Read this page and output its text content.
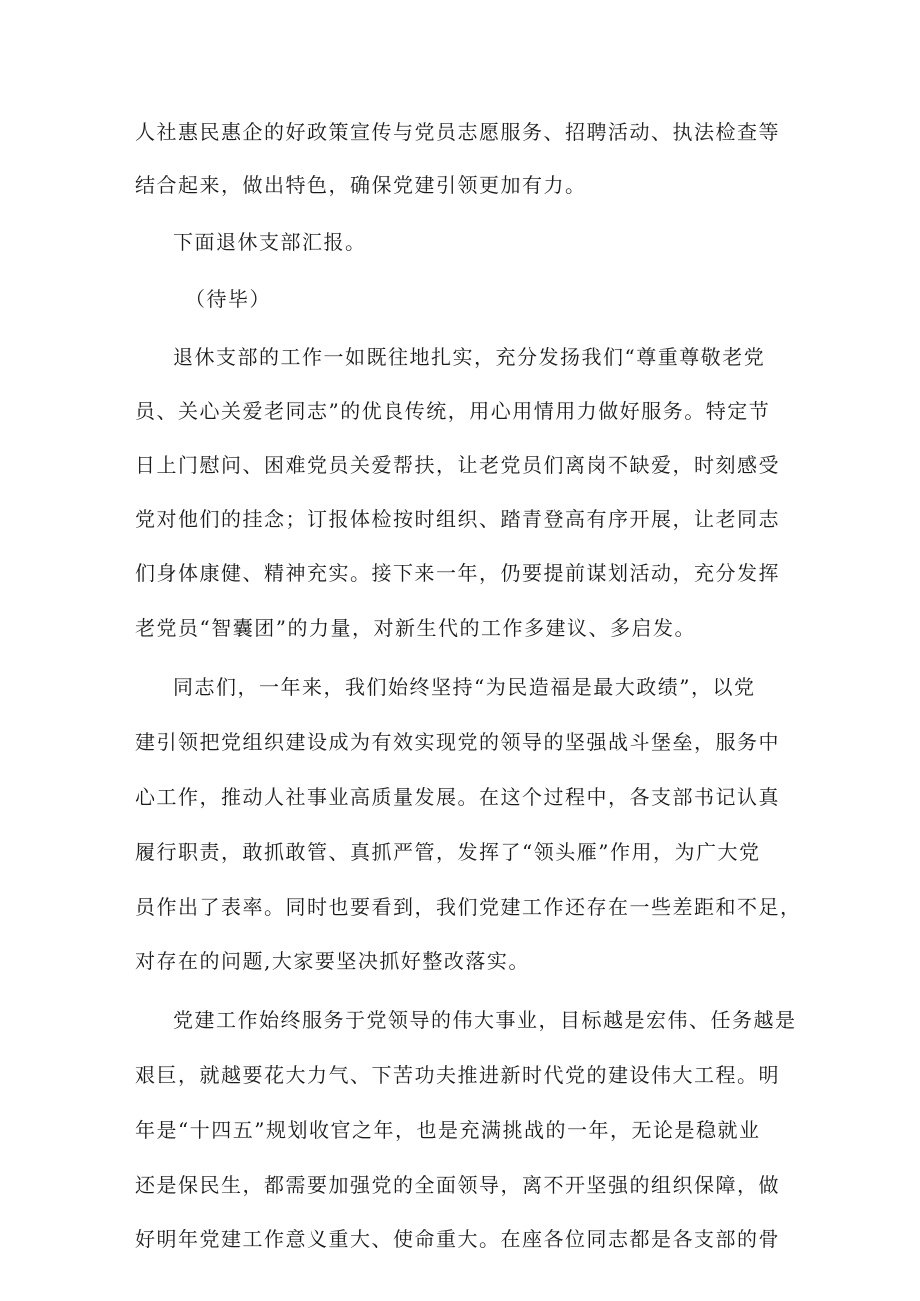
人社惠民惠企的好政策宣传与党员志愿服务、招聘活动、执法检查等
结合起来，做出特色，确保党建引领更加有力。
下面退休支部汇报。
（待毕）
退休支部的工作一如既往地扎实，充分发扬我们“尊重尊敬老党
员、关心关爱老同志”的优良传统，用心用情用力做好服务。特定节
日上门慰问、困难党员关爱帮扶，让老党员们离岗不缺爱，时刻感受
党对他们的挂念；订报体检按时组织、踏青登高有序开展，让老同志
们身体康健、精神充实。接下来一年，仍要提前谋划活动，充分发挥
老党员“智囊团”的力量，对新生代的工作多建议、多启发。
同志们，一年来，我们始终坚持“为民造福是最大政绩”，以党
建引领把党组织建设成为有效实现党的领导的坚强战斗堡垒，服务中
心工作，推动人社事业高质量发展。在这个过程中，各支部书记认真
履行职责，敢抓敢管、真抓严管，发挥了“领头雁”作用，为广大党
员作出了表率。同时也要看到，我们党建工作还存在一些差距和不足，
对存在的问题,大家要坚决抓好整改落实。
党建工作始终服务于党领导的伟大事业，目标越是宏伟、任务越是
艰巨，就越要花大力气、下苦功夫推进新时代党的建设伟大工程。明
年是“十四五”规划收官之年，也是充满挑战的一年，无论是稳就业
还是保民生，都需要加强党的全面领导，离不开坚强的组织保障，做
好明年党建工作意义重大、使命重大。在座各位同志都是各支部的骨
